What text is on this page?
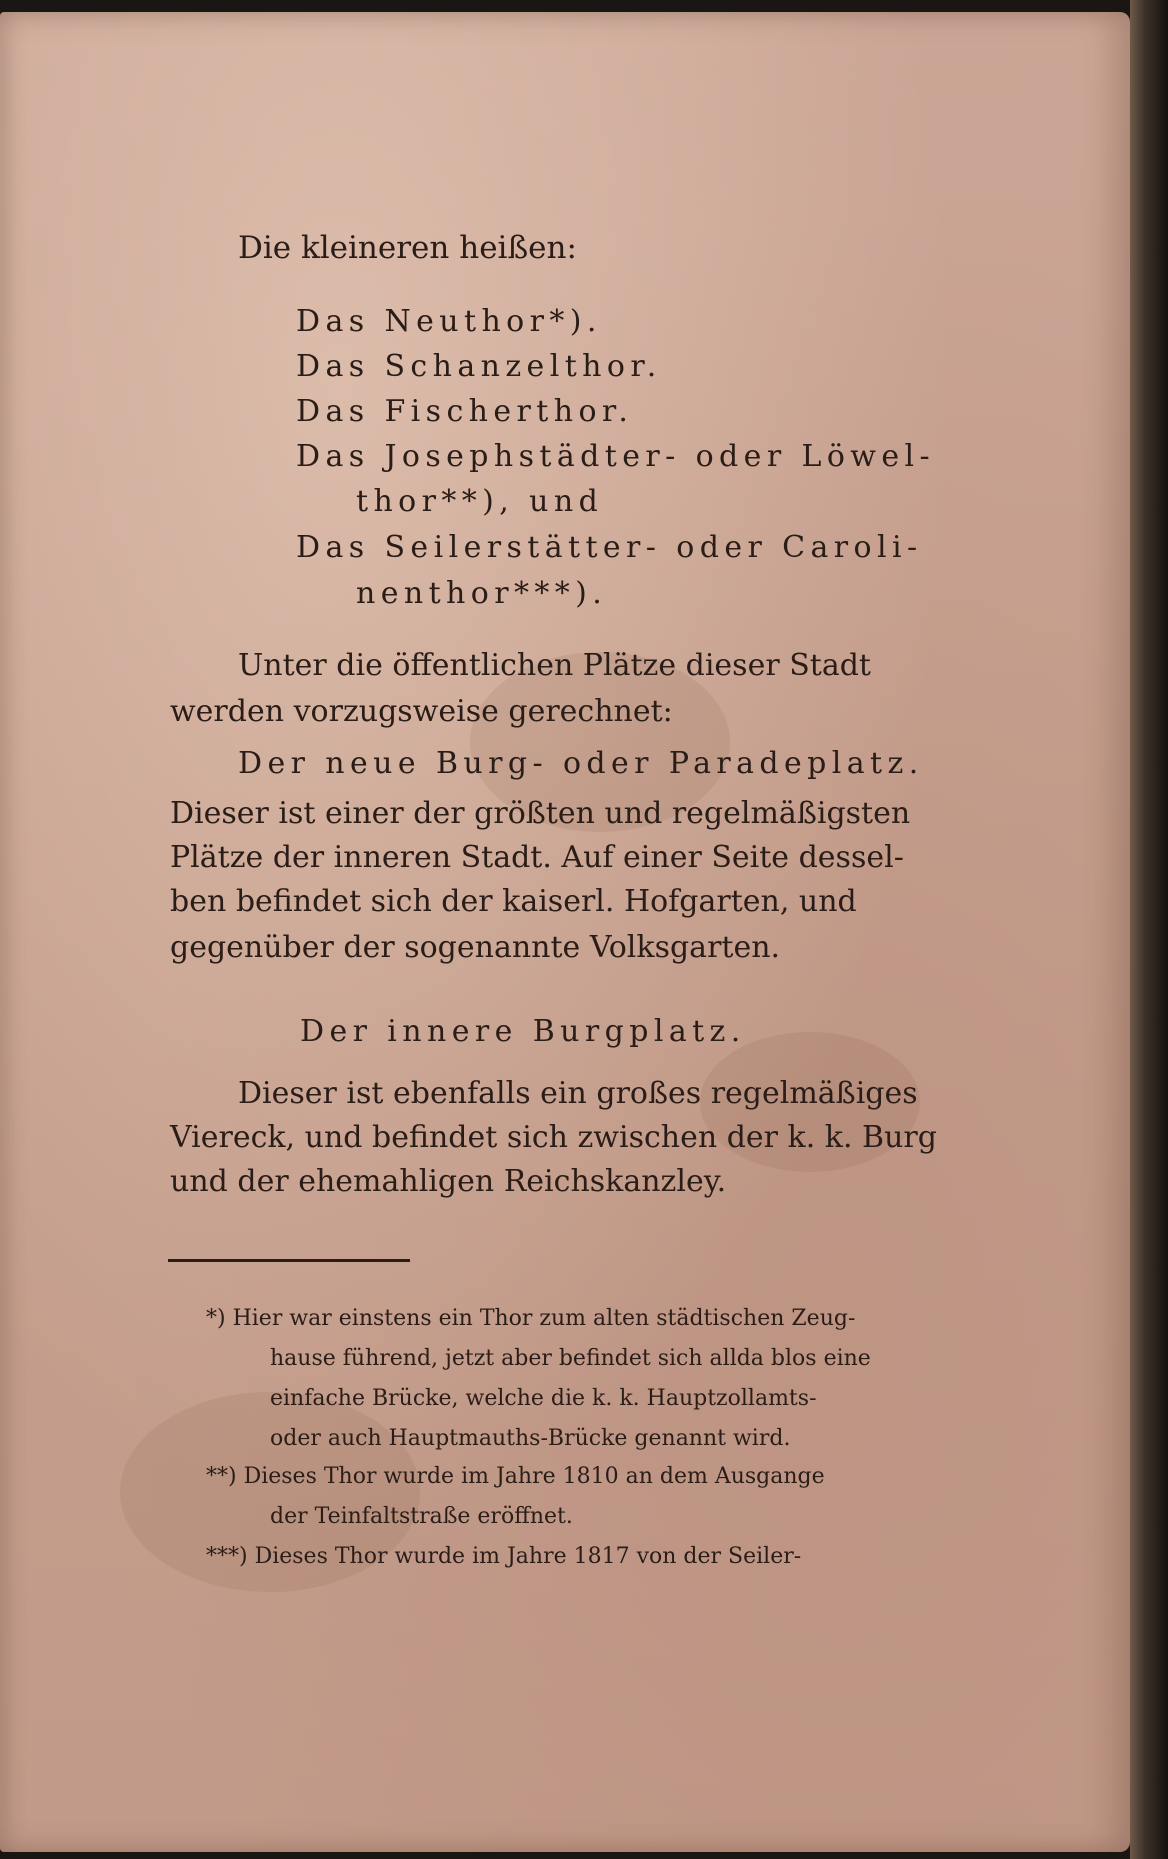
Die kleineren heißen:
Das Neuthor*).
Das Schanzelthor.
Das Fischerthor.
Das Josephstädter- oder Löwel-
thor**), und
Das Seilerstätter- oder Caroli-
nenthor***).
Unter die öffentlichen Plätze dieser Stadt
werden vorzugsweise gerechnet:
Der neue Burg- oder Paradeplatz.
Dieser ist einer der größten und regelmäßigsten
Plätze der inneren Stadt. Auf einer Seite dessel-
ben befindet sich der kaiserl. Hofgarten, und
gegenüber der sogenannte Volksgarten.
Der innere Burgplatz.
Dieser ist ebenfalls ein großes regelmäßiges
Viereck, und befindet sich zwischen der k. k. Burg
und der ehemahligen Reichskanzley.
*) Hier war einstens ein Thor zum alten städtischen Zeug-
hause führend, jetzt aber befindet sich allda blos eine
einfache Brücke, welche die k. k. Hauptzollamts-
oder auch Hauptmauths-Brücke genannt wird.
**) Dieses Thor wurde im Jahre 1810 an dem Ausgange
der Teinfaltstraße eröffnet.
***) Dieses Thor wurde im Jahre 1817 von der Seiler-
